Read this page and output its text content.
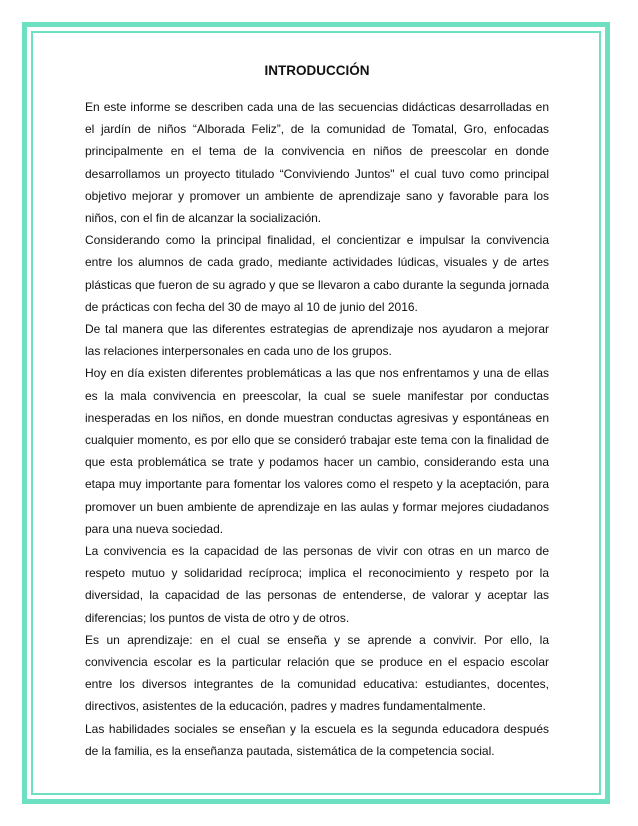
INTRODUCCIÓN

En este informe se describen cada una de las secuencias didácticas desarrolladas en el jardín de niños “Alborada Feliz”, de la comunidad de Tomatal, Gro, enfocadas principalmente en el tema de la convivencia en niños de preescolar en donde desarrollamos un proyecto titulado “Conviviendo Juntos" el cual tuvo como principal objetivo mejorar y promover un ambiente de aprendizaje sano y favorable para los niños, con el fin de alcanzar la socialización.

Considerando como la principal finalidad, el concientizar e impulsar la convivencia entre los alumnos de cada grado, mediante actividades lúdicas, visuales y de artes plásticas que fueron de su agrado y que se llevaron a cabo durante la segunda jornada de prácticas con fecha del 30 de mayo al 10 de junio del 2016.

De tal manera que las diferentes estrategias de aprendizaje nos ayudaron a mejorar las relaciones interpersonales en cada uno de los grupos.

Hoy en día existen diferentes problemáticas a las que nos enfrentamos y una de ellas es la mala convivencia en preescolar, la cual se suele manifestar por conductas inesperadas en los niños, en donde muestran conductas agresivas y espontáneas en cualquier momento, es por ello que se consideró trabajar este tema con la finalidad de que esta problemática se trate y podamos hacer un cambio, considerando esta una etapa muy importante para fomentar los valores como el respeto y la aceptación, para promover un buen ambiente de aprendizaje en las aulas y formar mejores ciudadanos para una nueva sociedad.

La convivencia es la capacidad de las personas de vivir con otras en un marco de respeto mutuo y solidaridad recíproca; implica el reconocimiento y respeto por la diversidad, la capacidad de las personas de entenderse, de valorar y aceptar las diferencias; los puntos de vista de otro y de otros.

Es un aprendizaje: en el cual se enseña y se aprende a convivir. Por ello, la convivencia escolar es la particular relación que se produce en el espacio escolar entre los diversos integrantes de la comunidad educativa: estudiantes, docentes, directivos, asistentes de la educación, padres y madres fundamentalmente.

Las habilidades sociales se enseñan y la escuela es la segunda educadora después de la familia, es la enseñanza pautada, sistemática de la competencia social.
